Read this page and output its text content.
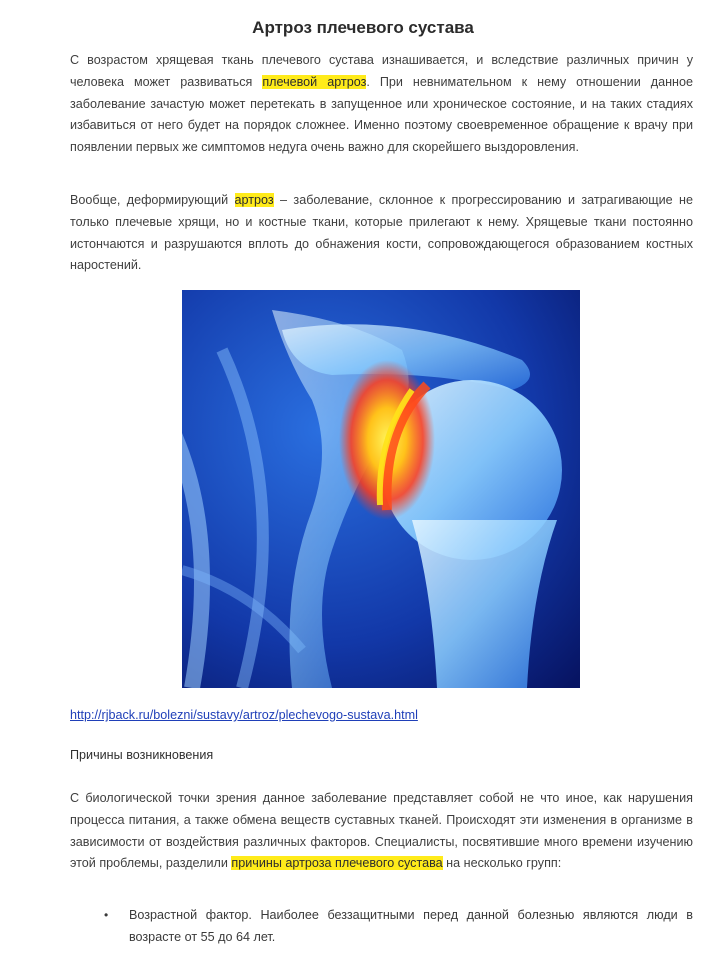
Артроз плечевого сустава

С возрастом хрящевая ткань плечевого сустава изнашивается, и вследствие различных причин у человека может развиваться плечевой артроз. При невнимательном к нему отношении данное заболевание зачастую может перетекать в запущенное или хроническое состояние, и на таких стадиях избавиться от него будет на порядок сложнее. Именно поэтому своевременное обращение к врачу при появлении первых же симптомов недуга очень важно для скорейшего выздоровления.

Вообще, деформирующий артроз – заболевание, склонное к прогрессированию и затрагивающие не только плечевые хрящи, но и костные ткани, которые прилегают к нему. Хрящевые ткани постоянно истончаются и разрушаются вплоть до обнажения кости, сопровождающегося образованием костных наростений.

http://rjback.ru/bolezni/sustavy/artroz/plechevogo-sustava.html

Причины возникновения

С биологической точки зрения данное заболевание представляет собой не что иное, как нарушения процесса питания, а также обмена веществ суставных тканей. Происходят эти изменения в организме в зависимости от воздействия различных факторов. Специалисты, посвятившие много времени изучению этой проблемы, разделили причины артроза плечевого сустава на несколько групп:

•	Возрастной фактор. Наиболее беззащитными перед данной болезнью являются люди в возрасте от 55 до 64 лет.
